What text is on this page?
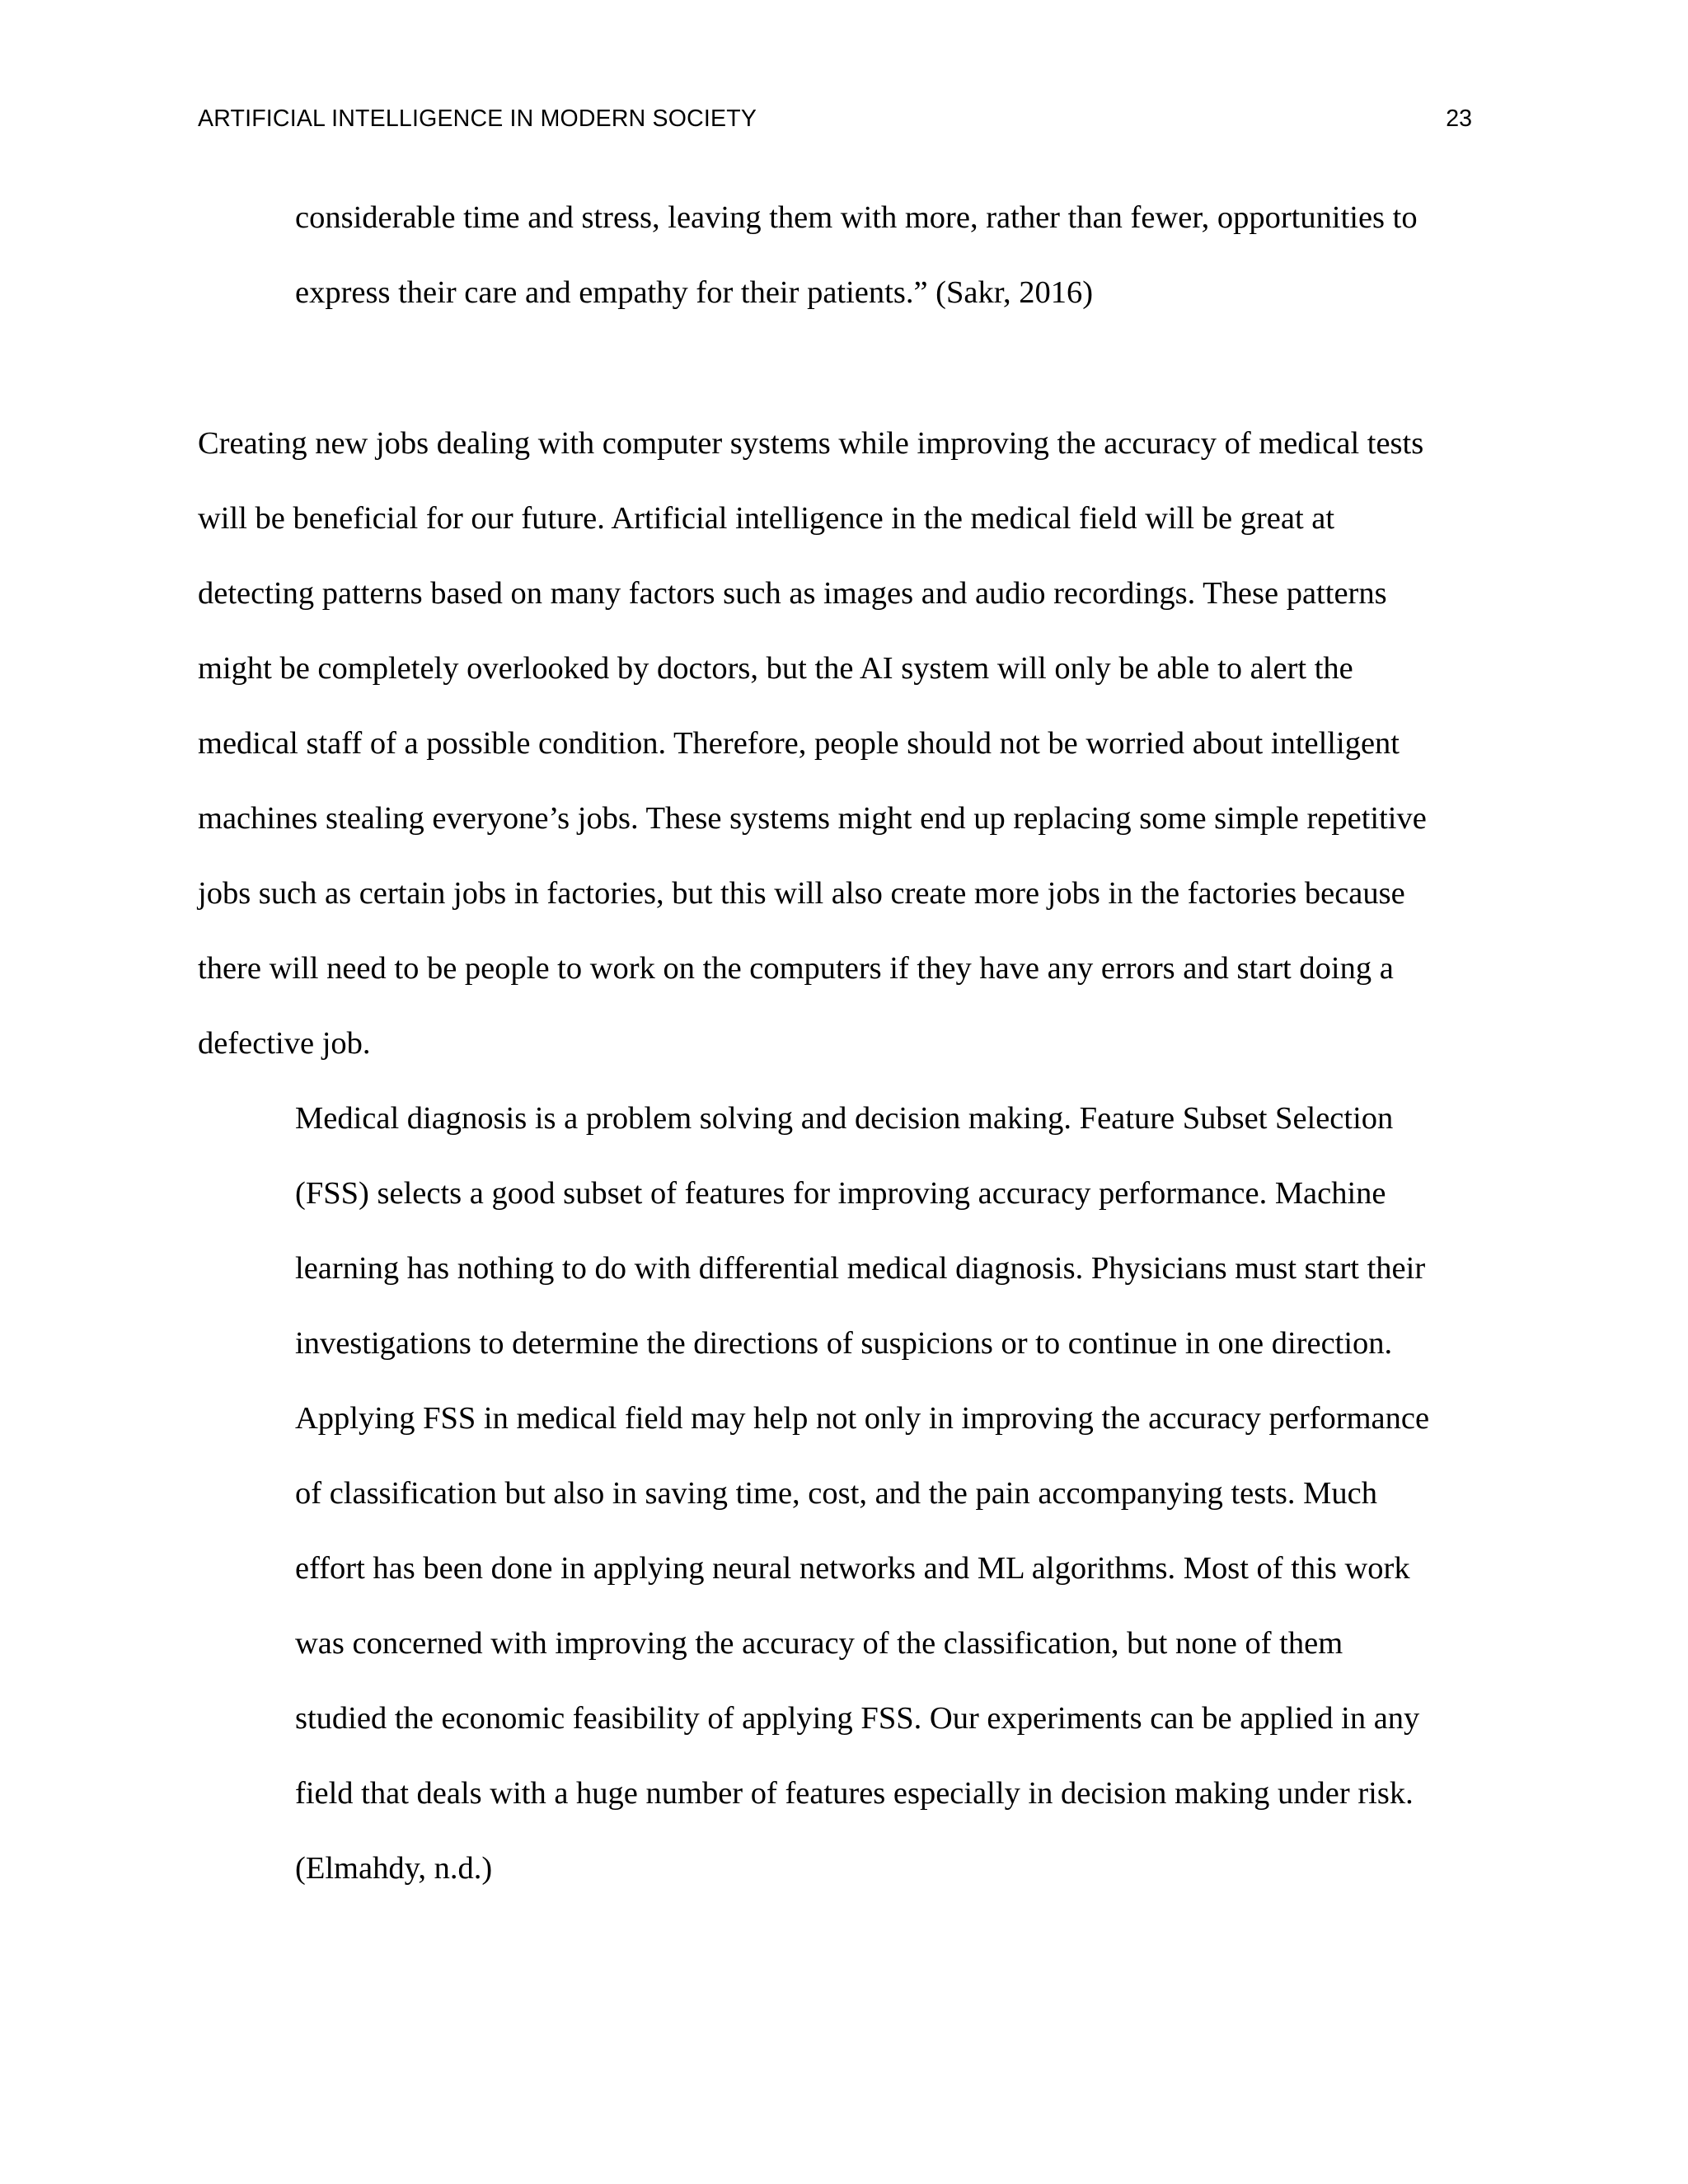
ARTIFICIAL INTELLIGENCE IN MODERN SOCIETY	23
considerable time and stress, leaving them with more, rather than fewer, opportunities to
express their care and empathy for their patients.” (Sakr, 2016)
Creating new jobs dealing with computer systems while improving the accuracy of medical tests
will be beneficial for our future. Artificial intelligence in the medical field will be great at
detecting patterns based on many factors such as images and audio recordings. These patterns
might be completely overlooked by doctors, but the AI system will only be able to alert the
medical staff of a possible condition. Therefore, people should not be worried about intelligent
machines stealing everyone’s jobs. These systems might end up replacing some simple repetitive
jobs such as certain jobs in factories, but this will also create more jobs in the factories because
there will need to be people to work on the computers if they have any errors and start doing a
defective job.
Medical diagnosis is a problem solving and decision making. Feature Subset Selection
(FSS) selects a good subset of features for improving accuracy performance. Machine
learning has nothing to do with differential medical diagnosis. Physicians must start their
investigations to determine the directions of suspicions or to continue in one direction.
Applying FSS in medical field may help not only in improving the accuracy performance
of classification but also in saving time, cost, and the pain accompanying tests. Much
effort has been done in applying neural networks and ML algorithms. Most of this work
was concerned with improving the accuracy of the classification, but none of them
studied the economic feasibility of applying FSS. Our experiments can be applied in any
field that deals with a huge number of features especially in decision making under risk.
(Elmahdy, n.d.)
